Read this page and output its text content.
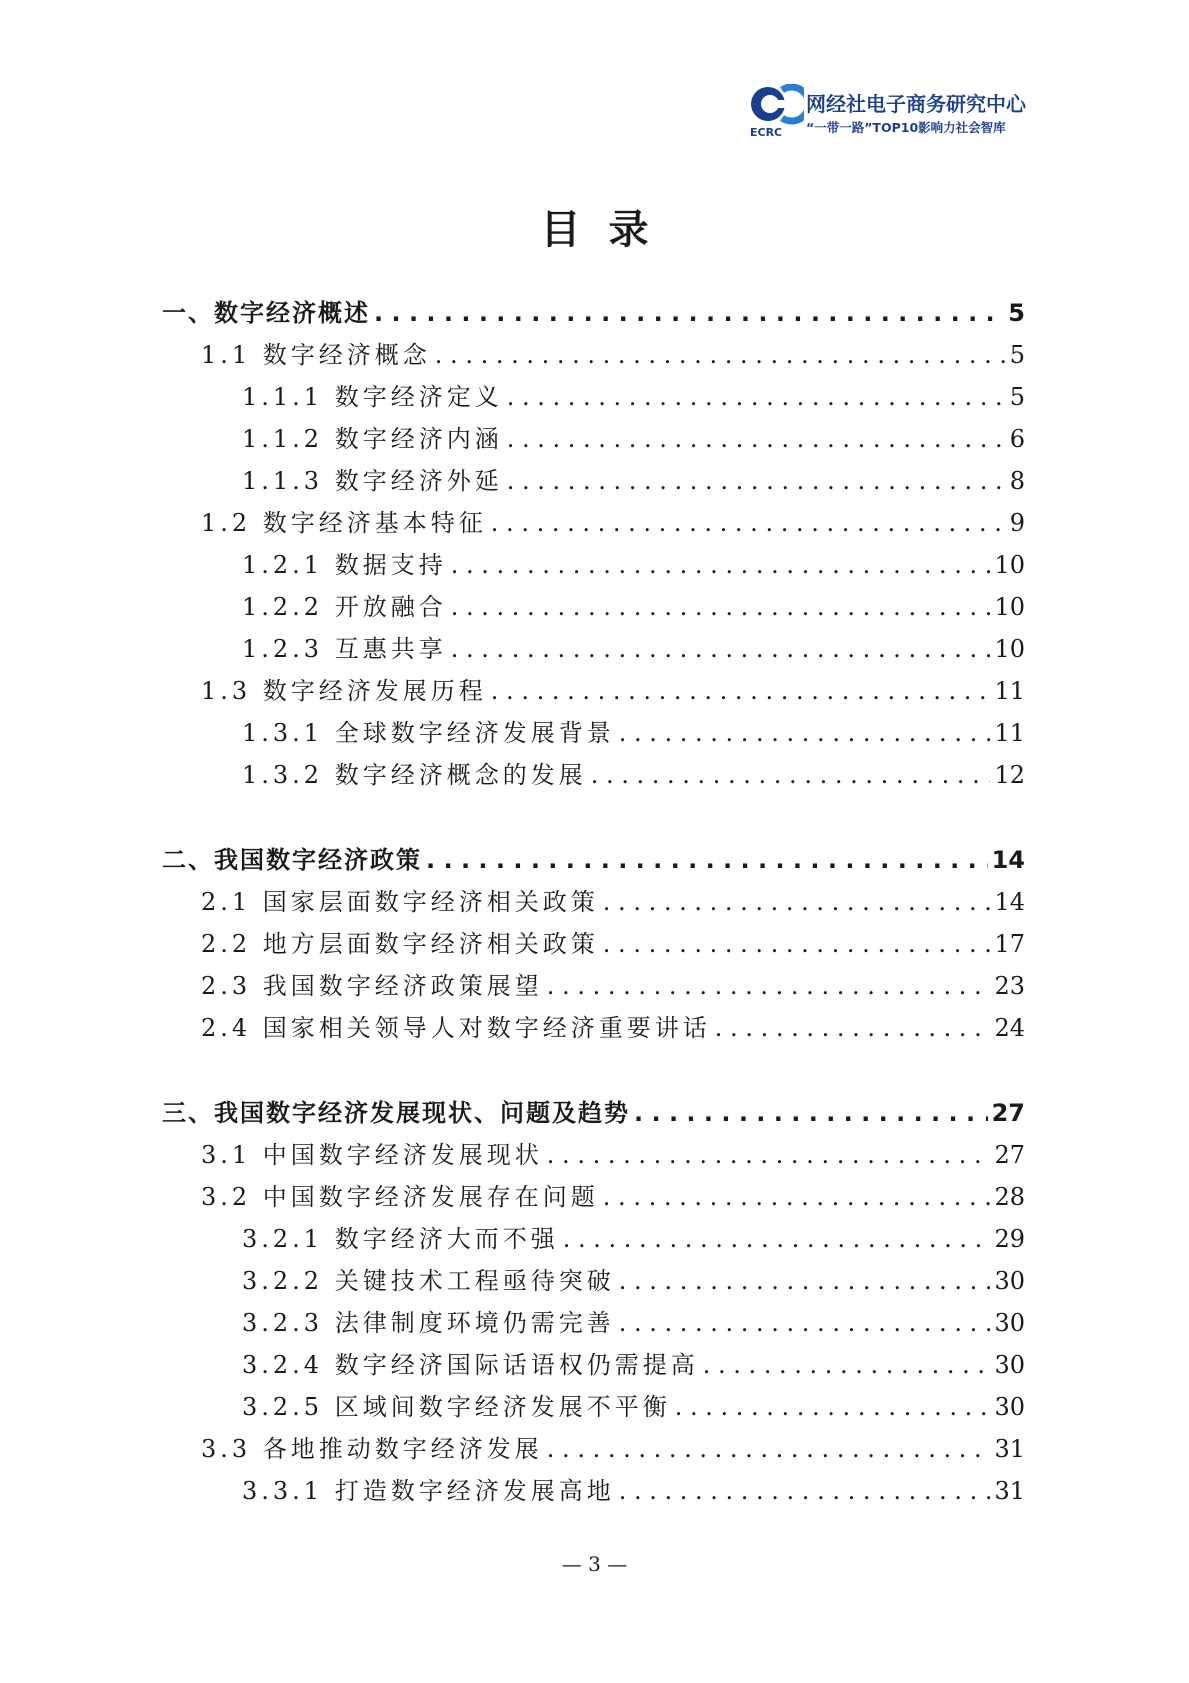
网经社电子商务研究中心
ECRC “一带一路”TOP10影响力社会智库
目录
一、数字经济概述 . . .	5
1.1 数字经济概念 . . .	5
1.1.1 数字经济定义 . . .	5
1.1.2 数字经济内涵 . . .	6
1.1.3 数字经济外延 . . .	8
1.2 数字经济基本特征 . . .	9
1.2.1 数据支持 . . .	10
1.2.2 开放融合 . . .	10
1.2.3 互惠共享 . . .	10
1.3 数字经济发展历程 . . .	11
1.3.1 全球数字经济发展背景 . . .	11
1.3.2 数字经济概念的发展 . . .	12
二、我国数字经济政策 . . .	14
2.1 国家层面数字经济相关政策 . . .	14
2.2 地方层面数字经济相关政策 . . .	17
2.3 我国数字经济政策展望 . . .	23
2.4 国家相关领导人对数字经济重要讲话 . . .	24
三、我国数字经济发展现状、问题及趋势 . . .	27
3.1 中国数字经济发展现状 . . .	27
3.2 中国数字经济发展存在问题 . . .	28
3.2.1 数字经济大而不强 . . .	29
3.2.2 关键技术工程亟待突破 . . .	30
3.2.3 法律制度环境仍需完善 . . .	30
3.2.4 数字经济国际话语权仍需提高 . . .	30
3.2.5 区域间数字经济发展不平衡 . . .	30
3.3 各地推动数字经济发展 . . .	31
3.3.1 打造数字经济发展高地 . . .	31
— 3 —
